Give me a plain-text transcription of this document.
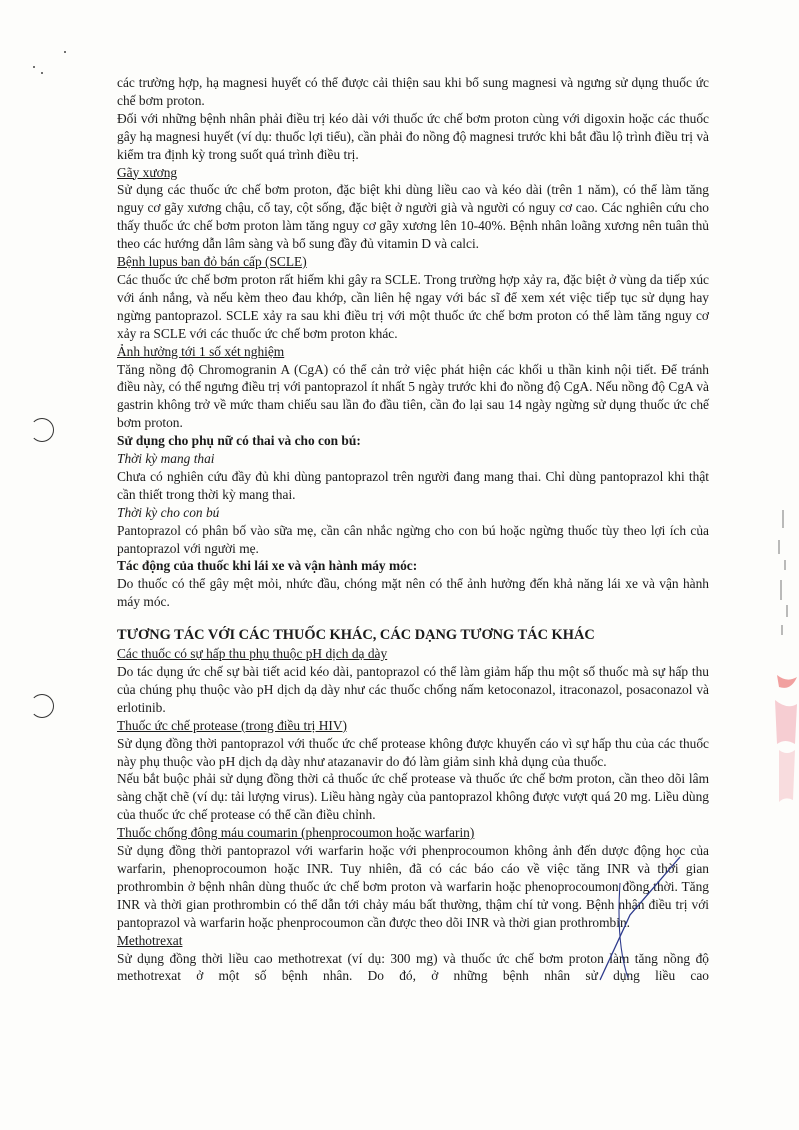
các trường hợp, hạ magnesi huyết có thể được cải thiện sau khi bổ sung magnesi và ngưng sử dụng thuốc ức chế bơm proton.

Đối với những bệnh nhân phải điều trị kéo dài với thuốc ức chế bơm proton cùng với digoxin hoặc các thuốc gây hạ magnesi huyết (ví dụ: thuốc lợi tiểu), cần phải đo nồng độ magnesi trước khi bắt đầu lộ trình điều trị và kiểm tra định kỳ trong suốt quá trình điều trị.

Gãy xương

Sử dụng các thuốc ức chế bơm proton, đặc biệt khi dùng liều cao và kéo dài (trên 1 năm), có thể làm tăng nguy cơ gãy xương chậu, cổ tay, cột sống, đặc biệt ở người già và người có nguy cơ cao. Các nghiên cứu cho thấy thuốc ức chế bơm proton làm tăng nguy cơ gãy xương lên 10-40%. Bệnh nhân loãng xương nên tuân thủ theo các hướng dẫn lâm sàng và bổ sung đầy đủ vitamin D và calci.

Bệnh lupus ban đỏ bán cấp (SCLE)

Các thuốc ức chế bơm proton rất hiếm khi gây ra SCLE. Trong trường hợp xảy ra, đặc biệt ở vùng da tiếp xúc với ánh nắng, và nếu kèm theo đau khớp, cần liên hệ ngay với bác sĩ để xem xét việc tiếp tục sử dụng hay ngừng pantoprazol. SCLE xảy ra sau khi điều trị với một thuốc ức chế bơm proton có thể làm tăng nguy cơ xảy ra SCLE với các thuốc ức chế bơm proton khác.

Ảnh hưởng tới 1 số xét nghiệm

Tăng nồng độ Chromogranin A (CgA) có thể cản trở việc phát hiện các khối u thần kinh nội tiết. Để tránh điều này, có thể ngưng điều trị với pantoprazol ít nhất 5 ngày trước khi đo nồng độ CgA. Nếu nồng độ CgA và gastrin không trở về mức tham chiếu sau lần đo đầu tiên, cần đo lại sau 14 ngày ngừng sử dụng thuốc ức chế bơm proton.

Sử dụng cho phụ nữ có thai và cho con bú:

Thời kỳ mang thai

Chưa có nghiên cứu đầy đủ khi dùng pantoprazol trên người đang mang thai. Chỉ dùng pantoprazol khi thật cần thiết trong thời kỳ mang thai.

Thời kỳ cho con bú

Pantoprazol có phân bố vào sữa mẹ, cần cân nhắc ngừng cho con bú hoặc ngừng thuốc tùy theo lợi ích của pantoprazol với người mẹ.

Tác động của thuốc khi lái xe và vận hành máy móc:

Do thuốc có thể gây mệt mỏi, nhức đầu, chóng mặt nên có thể ảnh hưởng đến khả năng lái xe và vận hành máy móc.

TƯƠNG TÁC VỚI CÁC THUỐC KHÁC, CÁC DẠNG TƯƠNG TÁC KHÁC

Các thuốc có sự hấp thu phụ thuộc pH dịch dạ dày

Do tác dụng ức chế sự bài tiết acid kéo dài, pantoprazol có thể làm giảm hấp thu một số thuốc mà sự hấp thu của chúng phụ thuộc vào pH dịch dạ dày như các thuốc chống nấm ketoconazol, itraconazol, posaconazol và erlotinib.

Thuốc ức chế protease (trong điều trị HIV)

Sử dụng đồng thời pantoprazol với thuốc ức chế protease không được khuyến cáo vì sự hấp thu của các thuốc này phụ thuộc vào pH dịch dạ dày như atazanavir do đó làm giảm sinh khả dụng của thuốc.

Nếu bắt buộc phải sử dụng đồng thời cả thuốc ức chế protease và thuốc ức chế bơm proton, cần theo dõi lâm sàng chặt chẽ (ví dụ: tải lượng virus). Liều hàng ngày của pantoprazol không được vượt quá 20 mg. Liều dùng của thuốc ức chế protease có thể cần điều chỉnh.

Thuốc chống đông máu coumarin (phenprocoumon hoặc warfarin)

Sử dụng đồng thời pantoprazol với warfarin hoặc với phenprocoumon không ảnh đến dược động học của warfarin, phenoprocoumon hoặc INR. Tuy nhiên, đã có các báo cáo về việc tăng INR và thời gian prothrombin ở bệnh nhân dùng thuốc ức chế bơm proton và warfarin hoặc phenoprocoumon đồng thời. Tăng INR và thời gian prothrombin có thể dẫn tới chảy máu bất thường, thậm chí tử vong. Bệnh nhân điều trị với pantoprazol và warfarin hoặc phenprocoumon cần được theo dõi INR và thời gian prothrombin.

Methotrexat

Sử dụng đồng thời liều cao methotrexat (ví dụ: 300 mg) và thuốc ức chế bơm proton làm tăng nồng độ methotrexat ở một số bệnh nhân. Do đó, ở những bệnh nhân sử dụng liều cao
